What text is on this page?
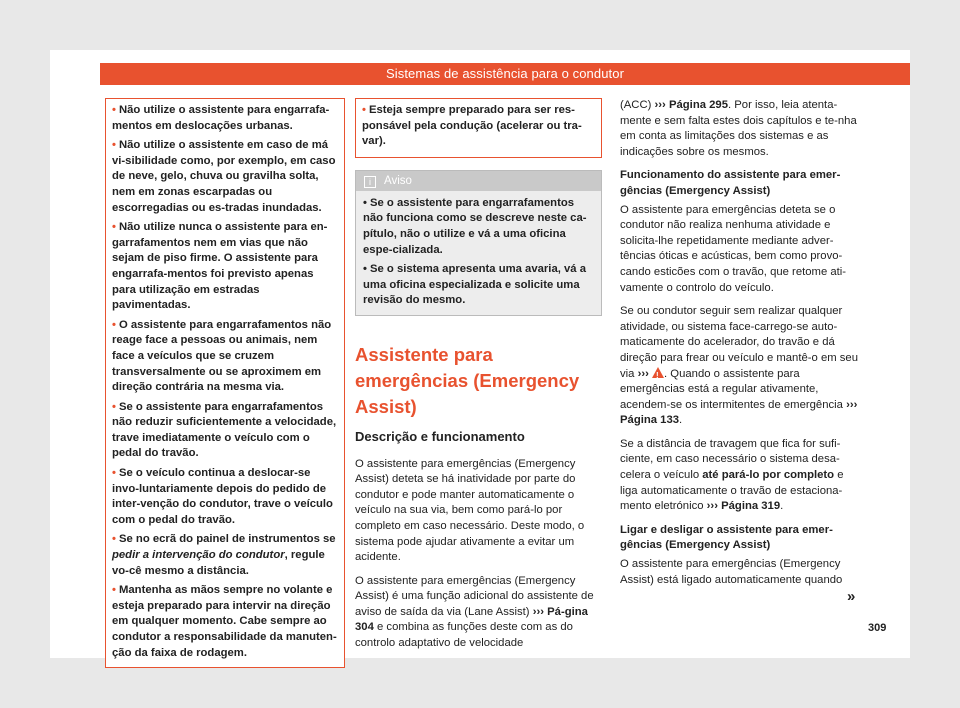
Sistemas de assistência para o condutor
• Não utilize o assistente para engarrafa-mentos em deslocações urbanas.
• Não utilize o assistente em caso de má vi-sibilidade como, por exemplo, em caso de neve, gelo, chuva ou gravilha solta, nem em zonas escarpadas ou escorregadias ou es-tradas inundadas.
• Não utilize nunca o assistente para en-garrafamentos nem em vias que não sejam de piso firme. O assistente para engarrafa-mentos foi previsto apenas para utilização em estradas pavimentadas.
• O assistente para engarrafamentos não reage face a pessoas ou animais, nem face a veículos que se cruzem transversalmente ou se aproximem em direção contrária na mesma via.
• Se o assistente para engarrafamentos não reduzir suficientemente a velocidade, trave imediatamente o veículo com o pedal do travão.
• Se o veículo continua a deslocar-se invo-luntariamente depois do pedido de inter-venção do condutor, trave o veículo com o pedal do travão.
• Se no ecrã do painel de instrumentos se pedir a intervenção do condutor, regule vo-cê mesmo a distância.
• Mantenha as mãos sempre no volante e esteja preparado para intervir na direção em qualquer momento. Cabe sempre ao condutor a responsabilidade da manuten-ção da faixa de rodagem.
• Esteja sempre preparado para ser res-ponsável pela condução (acelerar ou tra-var).
i Aviso
• Se o assistente para engarrafamentos não funciona como se descreve neste ca-pítulo, não o utilize e vá a uma oficina espe-cializada.
• Se o sistema apresenta uma avaria, vá a uma oficina especializada e solicite uma revisão do mesmo.
Assistente para emergências (Emergency Assist)
Descrição e funcionamento

O assistente para emergências (Emergency Assist) deteta se há inatividade por parte do condutor e pode manter automaticamente o veículo na sua via, bem como pará-lo por completo em caso necessário. Deste modo, o sistema pode ajudar ativamente a evitar um acidente.

O assistente para emergências (Emergency Assist) é uma função adicional do assistente de aviso de saída da via (Lane Assist) ››› Pá-gina 304 e combina as funções deste com as do controlo adaptativo de velocidade

(ACC) ››› Página 295. Por isso, leia atenta-mente e sem falta estes dois capítulos e te-nha em conta as limitações dos sistemas e as indicações sobre os mesmos.

Funcionamento do assistente para emer-gências (Emergency Assist)

O assistente para emergências deteta se o condutor não realiza nenhuma atividade e solicita-lhe repetidamente mediante adver-tências óticas e acústicas, bem como provo-cando esticões com o travão, que retome ati-vamente o controlo do veículo.

Se ou condutor seguir sem realizar qualquer atividade, ou sistema face-carrego-se auto-maticamente do acelerador, do travão e dá direção para frear ou veículo e mantê-o em seu via ››› ! . Quando o assistente para emergências está a regular ativamente, acendem-se os intermitentes de emergência ››› Página 133.

Se a distância de travagem que fica for sufi-ciente, em caso necessário o sistema desa-celera o veículo até pará-lo por completo e liga automaticamente o travão de estaciona-mento eletrónico ››› Página 319.

Ligar e desligar o assistente para emer-gências (Emergency Assist)

O assistente para emergências (Emergency Assist) está ligado automaticamente quando

»
309
